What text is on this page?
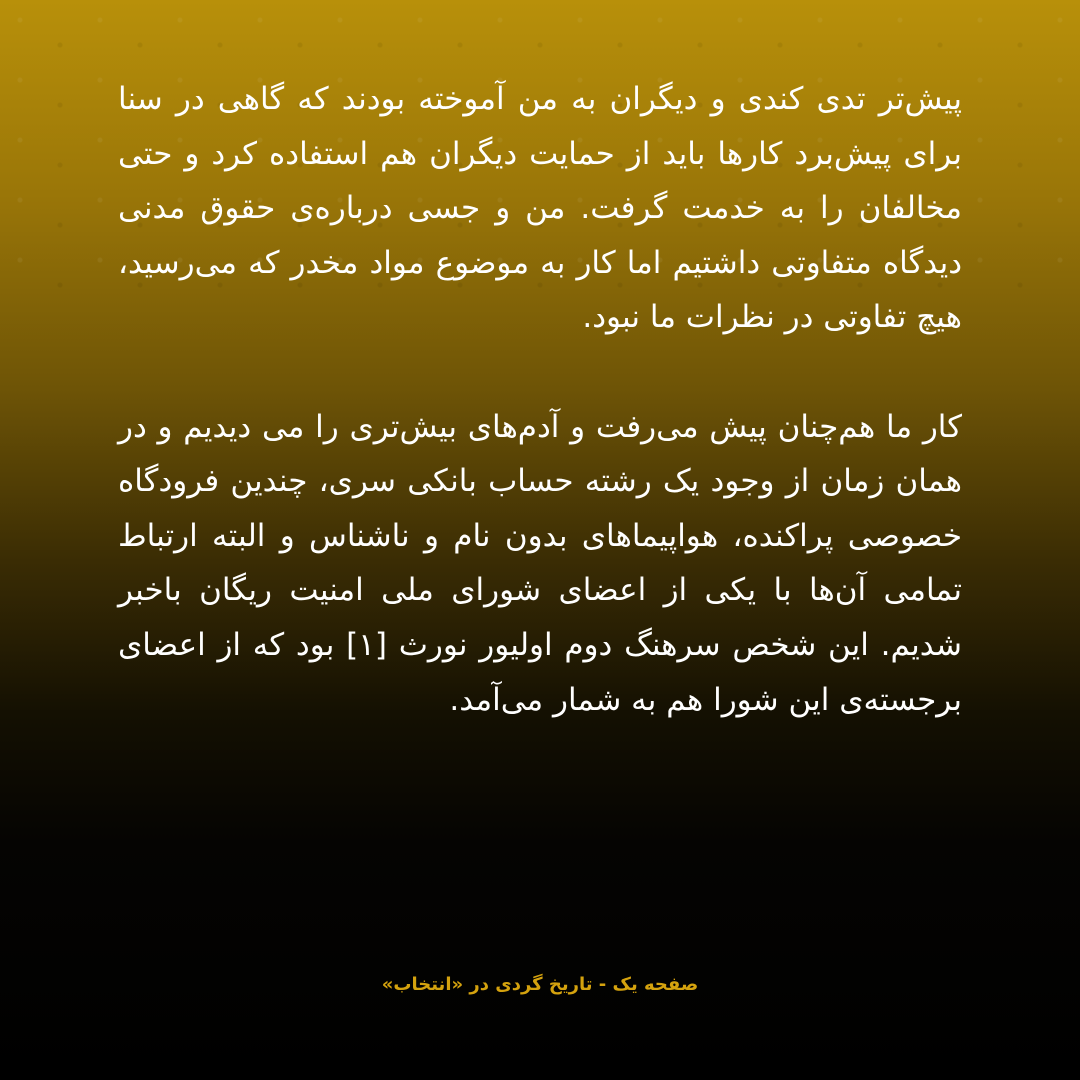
پیش‌تر تدی کندی و دیگران به من آموخته بودند که گاهی در سنا برای پیش‌برد کارها باید از حمایت دیگران هم استفاده کرد و حتی مخالفان را به خدمت گرفت. من و جسی درباره‌ی حقوق مدنی دیدگاه متفاوتی داشتیم اما کار به موضوع مواد مخدر که می‌رسید، هیچ تفاوتی در نظرات ما نبود.

کار ما هم‌چنان پیش می‌رفت و آدم‌های بیش‌تری را می دیدیم و در همان زمان از وجود یک رشته حساب بانکی سری، چندین فرودگاه خصوصی پراکنده، هواپیماهای بدون نام و ناشناس و البته ارتباط تمامی آن‌ها با یکی از اعضای شورای ملی امنیت ریگان باخبر شدیم. این شخص سرهنگ دوم اولیور نورث [۱] بود که از اعضای برجسته‌ی این شورا هم به شمار می‌آمد.

صفحه یک - تاریخ گردی در «انتخاب»
